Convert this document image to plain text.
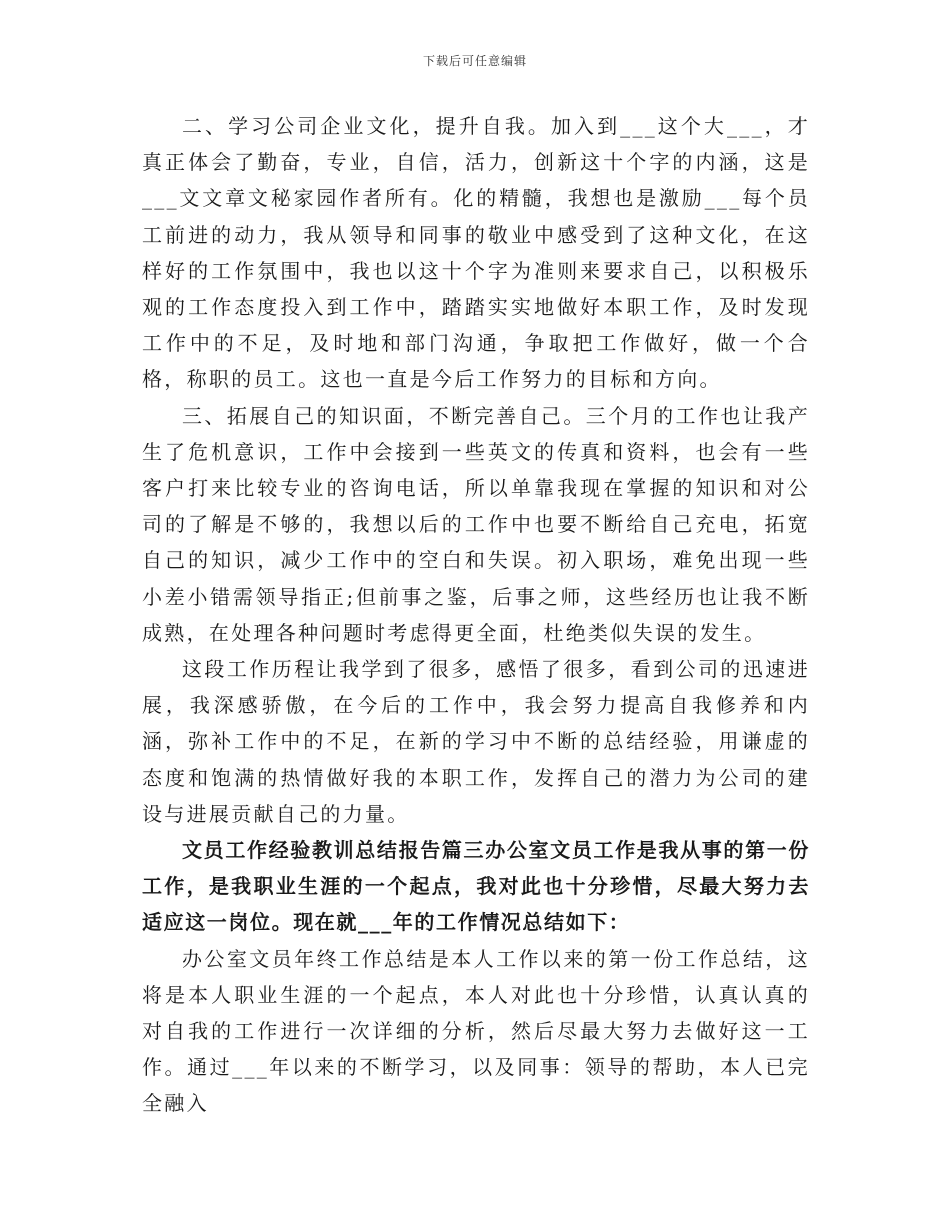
下载后可任意编辑

二、学习公司企业文化，提升自我。加入到___这个大___，才真正体会了勤奋，专业，自信，活力，创新这十个字的内涵，这是___文文章文秘家园作者所有。化的精髓，我想也是激励___每个员工前进的动力，我从领导和同事的敬业中感受到了这种文化，在这样好的工作氛围中，我也以这十个字为准则来要求自己，以积极乐观的工作态度投入到工作中，踏踏实实地做好本职工作，及时发现工作中的不足，及时地和部门沟通，争取把工作做好，做一个合格，称职的员工。这也一直是今后工作努力的目标和方向。

三、拓展自己的知识面，不断完善自己。三个月的工作也让我产生了危机意识，工作中会接到一些英文的传真和资料，也会有一些客户打来比较专业的咨询电话，所以单靠我现在掌握的知识和对公司的了解是不够的，我想以后的工作中也要不断给自己充电，拓宽自己的知识，减少工作中的空白和失误。初入职场，难免出现一些小差小错需领导指正;但前事之鉴，后事之师，这些经历也让我不断成熟，在处理各种问题时考虑得更全面，杜绝类似失误的发生。

这段工作历程让我学到了很多，感悟了很多，看到公司的迅速进展，我深感骄傲，在今后的工作中，我会努力提高自我修养和内涵，弥补工作中的不足，在新的学习中不断的总结经验，用谦虚的态度和饱满的热情做好我的本职工作，发挥自己的潜力为公司的建设与进展贡献自己的力量。

文员工作经验教训总结报告篇三办公室文员工作是我从事的第一份工作，是我职业生涯的一个起点，我对此也十分珍惜，尽最大努力去适应这一岗位。现在就___年的工作情况总结如下：

办公室文员年终工作总结是本人工作以来的第一份工作总结，这将是本人职业生涯的一个起点，本人对此也十分珍惜，认真认真的对自我的工作进行一次详细的分析，然后尽最大努力去做好这一工作。通过___年以来的不断学习，以及同事：领导的帮助，本人已完全融入
